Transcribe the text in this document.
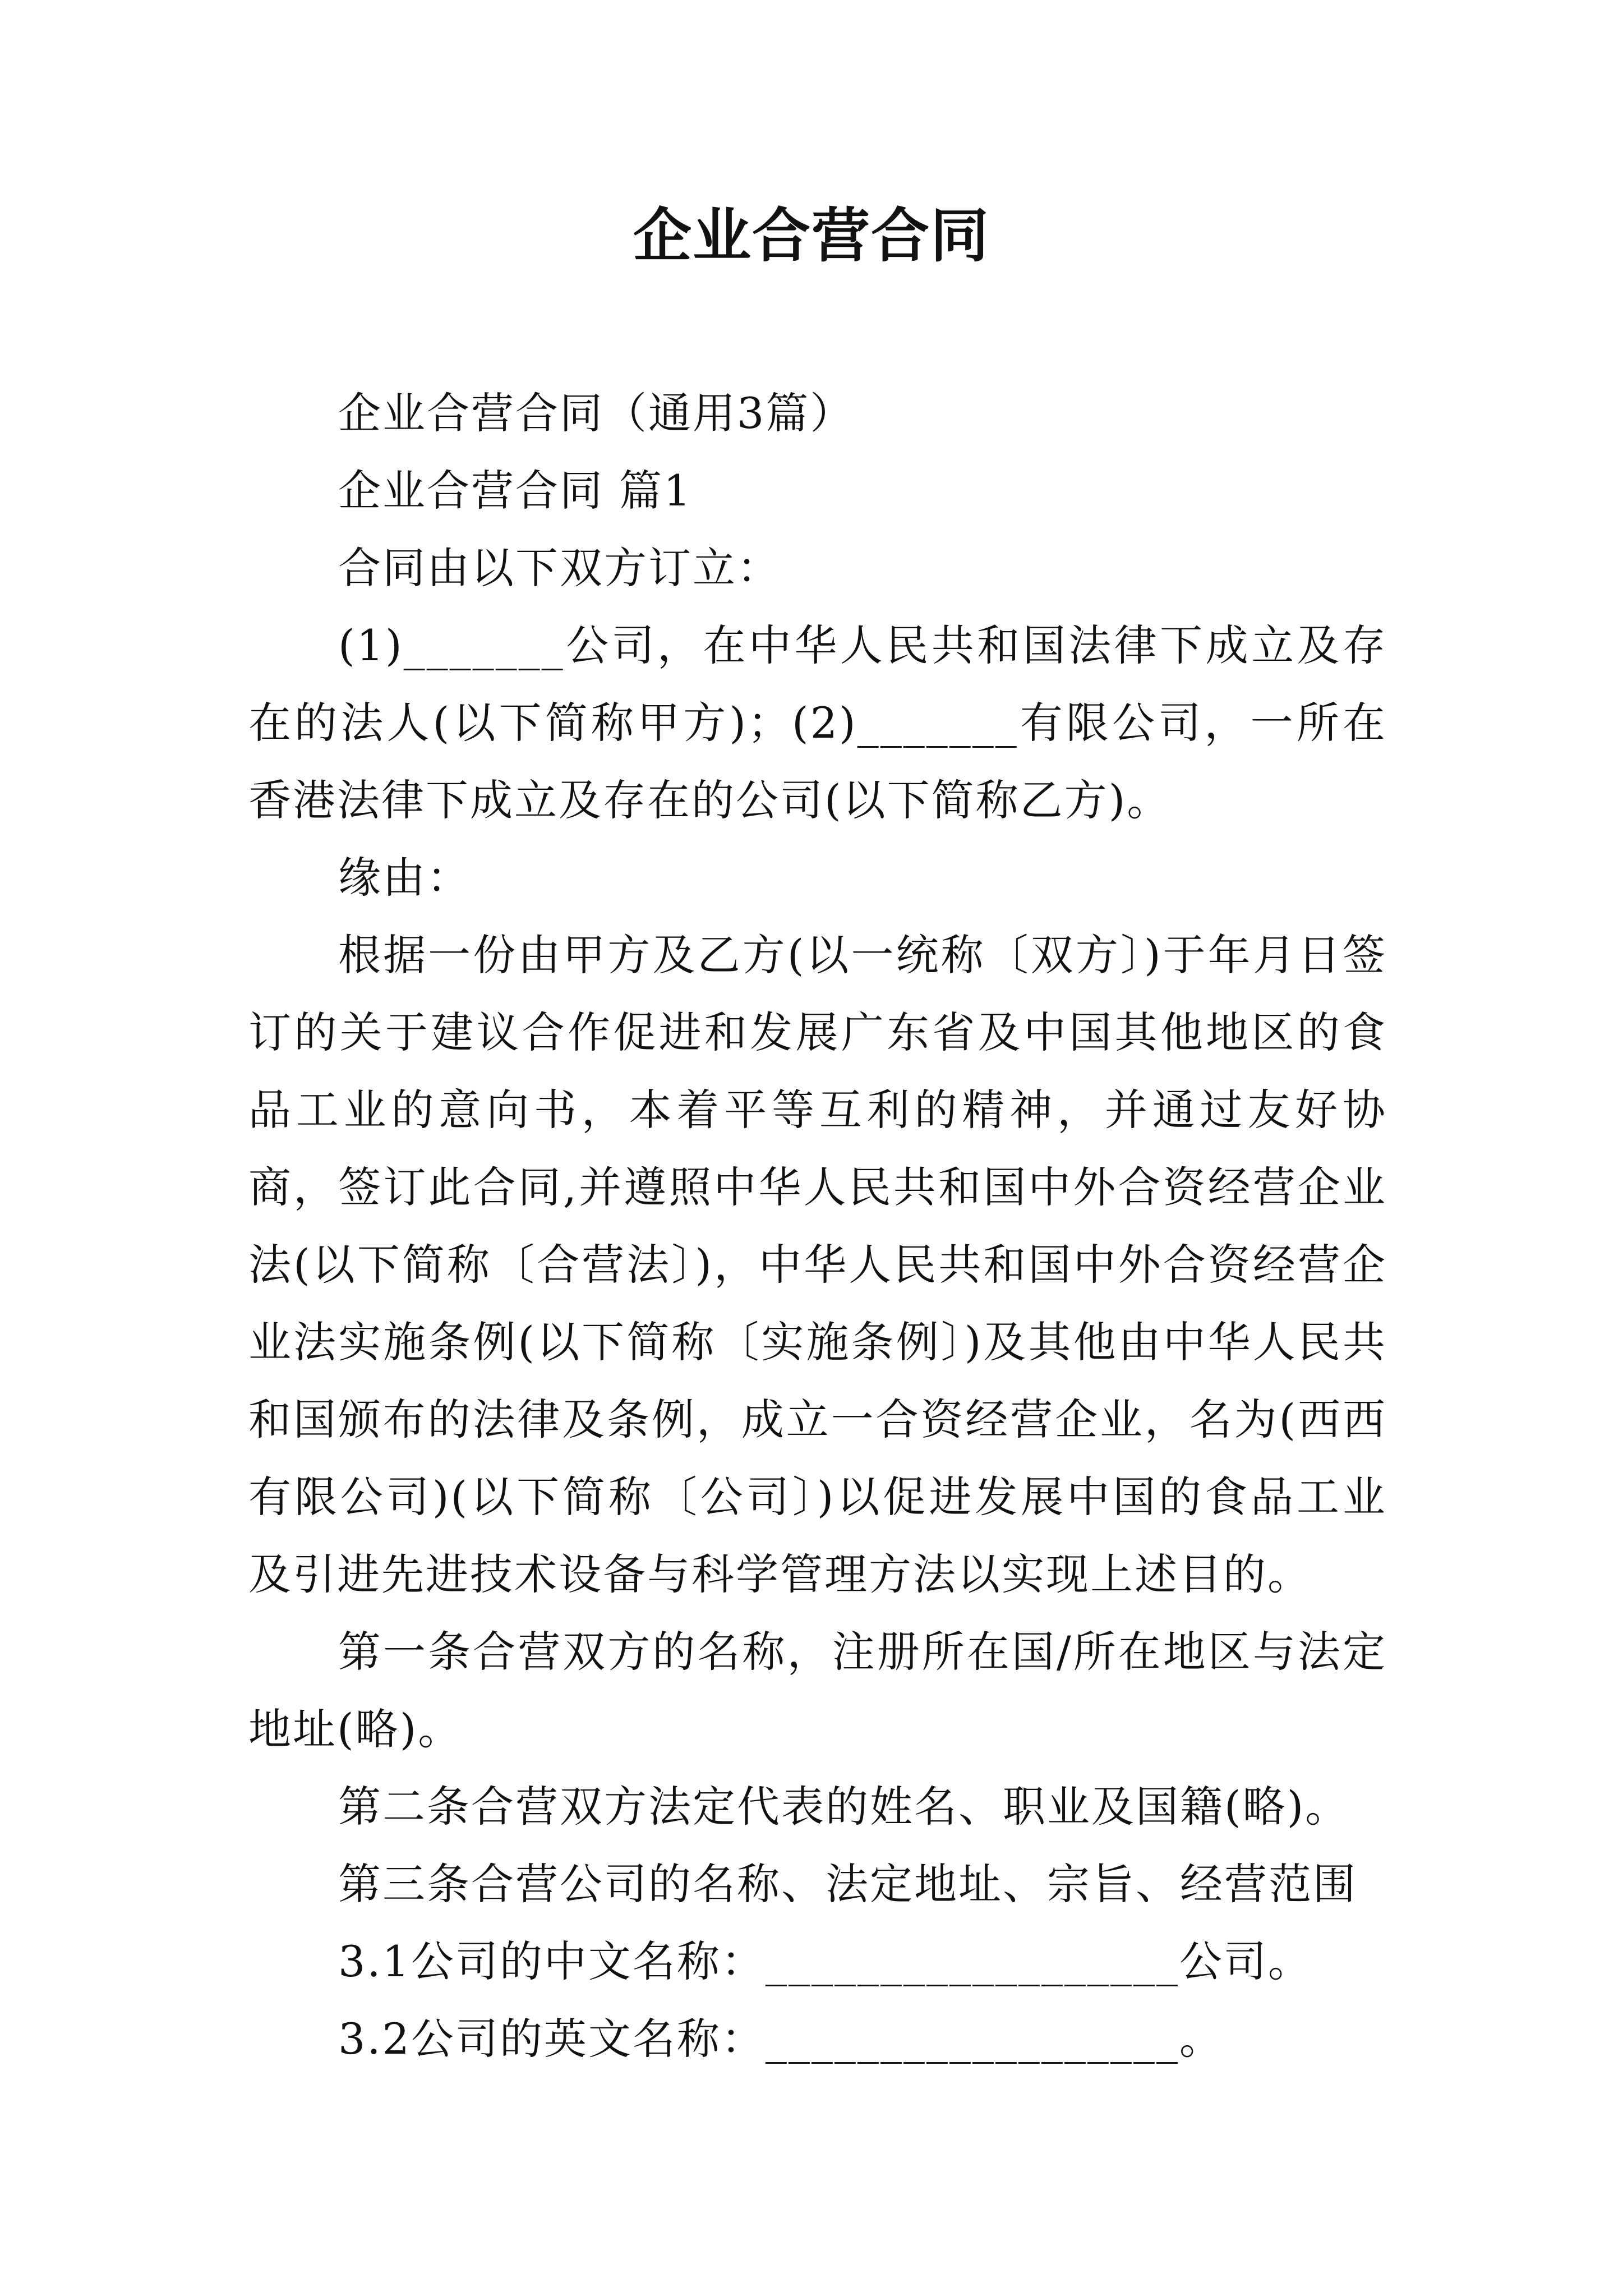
企业合营合同

企业合营合同（通用3篇）

企业合营合同 篇1

合同由以下双方订立：

(1)_______公司，在中华人民共和国法律下成立及存在的法人(以下简称甲方)；(2)_______有限公司，一所在香港法律下成立及存在的公司(以下简称乙方)。

缘由：

根据一份由甲方及乙方(以一统称〔双方〕)于年月日签订的关于建议合作促进和发展广东省及中国其他地区的食品工业的意向书，本着平等互利的精神，并通过友好协商，签订此合同,并遵照中华人民共和国中外合资经营企业法(以下简称〔合营法〕)，中华人民共和国中外合资经营企业法实施条例(以下简称〔实施条例〕)及其他由中华人民共和国颁布的法律及条例，成立一合资经营企业，名为(西西有限公司)(以下简称〔公司〕)以促进发展中国的食品工业及引进先进技术设备与科学管理方法以实现上述目的。

第一条合营双方的名称，注册所在国/所在地区与法定地址(略)。

第二条合营双方法定代表的姓名、职业及国籍(略)。

第三条合营公司的名称、法定地址、宗旨、经营范围

3.1公司的中文名称：__________________公司。

3.2公司的英文名称：__________________。
